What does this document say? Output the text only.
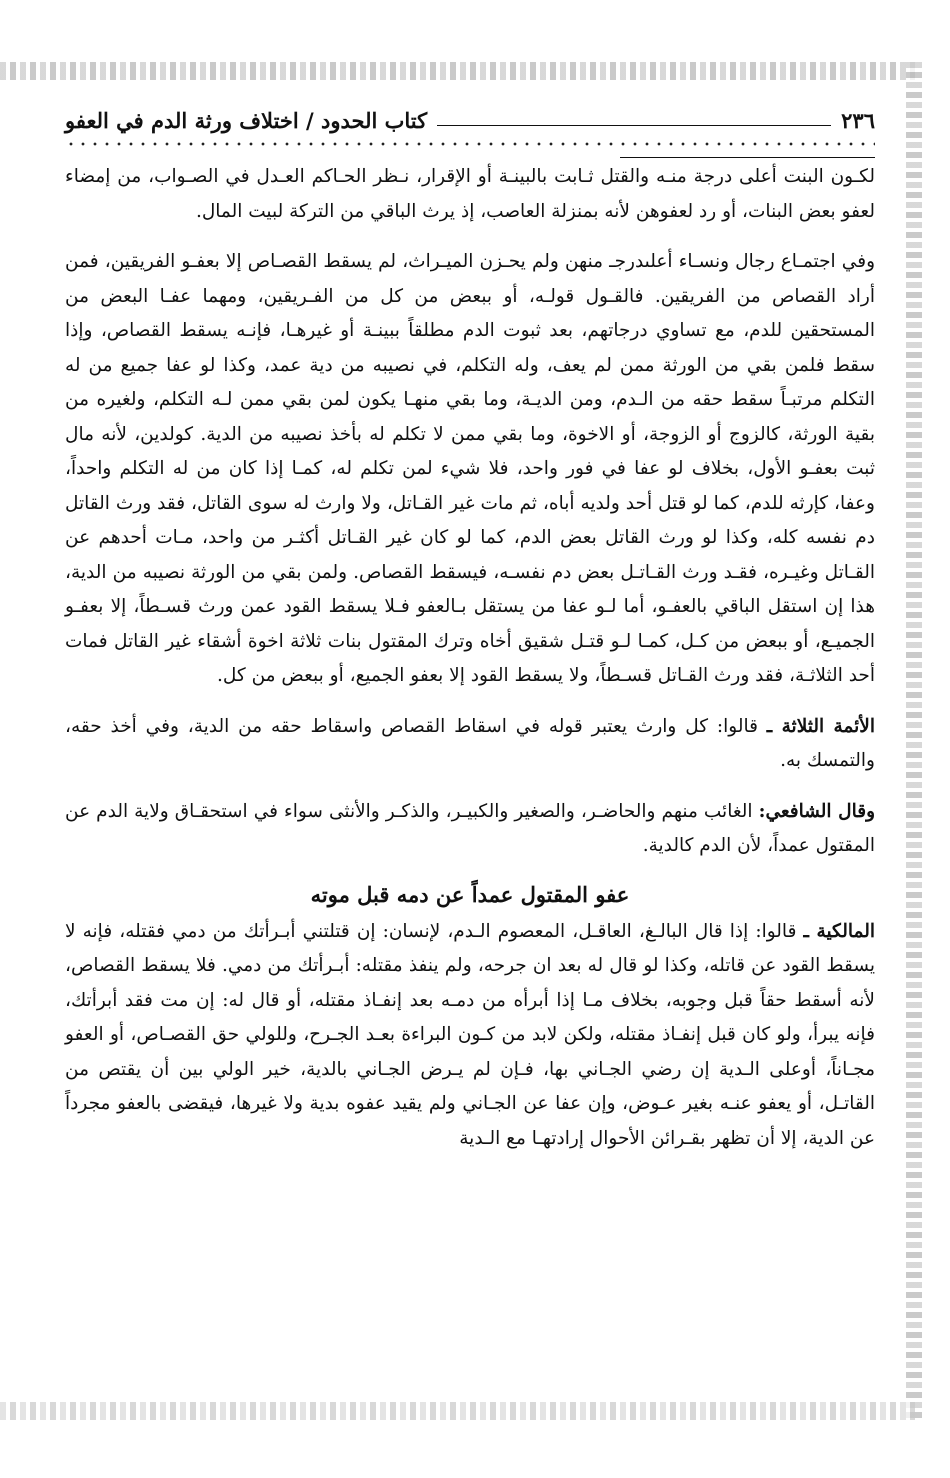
٢٣٦
كتاب الحدود / اختلاف ورثة الدم في العفو

لكـون البنت أعلى درجة منـه والقتل ثـابت بالبينـة أو الإقرار، نـظر الحـاكم العـدل في الصـواب، من إمضاء لعفو بعض البنات، أو رد لعفوهن لأنه بمنزلة العاصب، إذ يرث الباقي من التركة لبيت المال.

وفي اجتمـاع رجال ونسـاء أعلىدرجـ منهن ولم يحـزن الميـراث، لم يسقط القصـاص إلا بعفـو الفريقين، فمن أراد القصاص من الفريقين. فالقـول قولـه، أو ببعض من كل من الفـريقين، ومهما عفـا البعض من المستحقين للدم، مع تساوي درجاتهم، بعد ثبوت الدم مطلقاً ببينـة أو غيرهـا، فإنـه يسقط القصاص، وإذا سقط فلمن بقي من الورثة ممن لم يعف، وله التكلم، في نصيبه من دية عمد، وكذا لو عفا جميع من له التكلم مرتبـاً سقط حقه من الـدم، ومن الديـة، وما بقي منهـا يكون لمن بقي ممن لـه التكلم، ولغيره من بقية الورثة، كالزوج أو الزوجة، أو الاخوة، وما بقي ممن لا تكلم له بأخذ نصيبه من الدية. كولدين، لأنه مال ثبت بعفـو الأول، بخلاف لو عفا في فور واحد، فلا شيء لمن تكلم له، كمـا إذا كان من له التكلم واحداً، وعفا، كإرثه للدم، كما لو قتل أحد ولديه أباه، ثم مات غير القـاتل، ولا وارث له سوى القاتل، فقد ورث القاتل دم نفسه كله، وكذا لو ورث القاتل بعض الدم، كما لو كان غير القـاتل أكثـر من واحد، مـات أحدهم عن القـاتل وغيـره، فقـد ورث القـاتـل بعض دم نفسـه، فيسقط القصاص. ولمن بقي من الورثة نصيبه من الدية، هذا إن استقل الباقي بالعفـو، أما لـو عفا من يستقل بـالعفو فـلا يسقط القود عمن ورث قسـطاً، إلا بعفـو الجميـع، أو ببعض من كـل، كمـا لـو قتـل شقيق أخاه وترك المقتول بنات ثلاثة اخوة أشقاء غير القاتل فمات أحد الثلاثـة، فقد ورث القـاتل قسـطاً، ولا يسقط القود إلا بعفو الجميع، أو ببعض من كل.

الأئمة الثلاثة ـ قالوا: كل وارث يعتبر قوله في اسقاط القصاص واسقاط حقه من الدية، وفي أخذ حقه، والتمسك به.

وقال الشافعي: الغائب منهم والحاضـر، والصغير والكبيـر، والذكـر والأنثى سواء في استحقـاق ولاية الدم عن المقتول عمداً، لأن الدم كالدية.

عفو المقتول عمداً عن دمه قبل موته

المالكية ـ قالوا: إذا قال البالـغ، العاقـل، المعصوم الـدم، لإنسان: إن قتلتني أبـرأتك من دمي فقتله، فإنه لا يسقط القود عن قاتله، وكذا لو قال له بعد ان جرحه، ولم ينفذ مقتله: أبـرأتك من دمي. فلا يسقط القصاص، لأنه أسقط حقاً قبل وجوبه، بخلاف مـا إذا أبرأه من دمـه بعد إنفـاذ مقتله، أو قال له: إن مت فقد أبرأتك، فإنه يبرأ، ولو كان قبل إنفـاذ مقتله، ولكن لابد من كـون البراءة بعـد الجـرح، وللولي حق القصـاص، أو العفو مجـاناً، أوعلى الـدية إن رضي الجـاني بها، فـإن لم يـرض الجـاني بالدية، خير الولي بين أن يقتص من القاتـل، أو يعفو عنـه بغير عـوض، وإن عفا عن الجـاني ولم يقيد عفوه بدية ولا غيرها، فيقضى بالعفو مجرداً عن الدية، إلا أن تظهر بقـرائن الأحوال إرادتهـا مع الـدية
